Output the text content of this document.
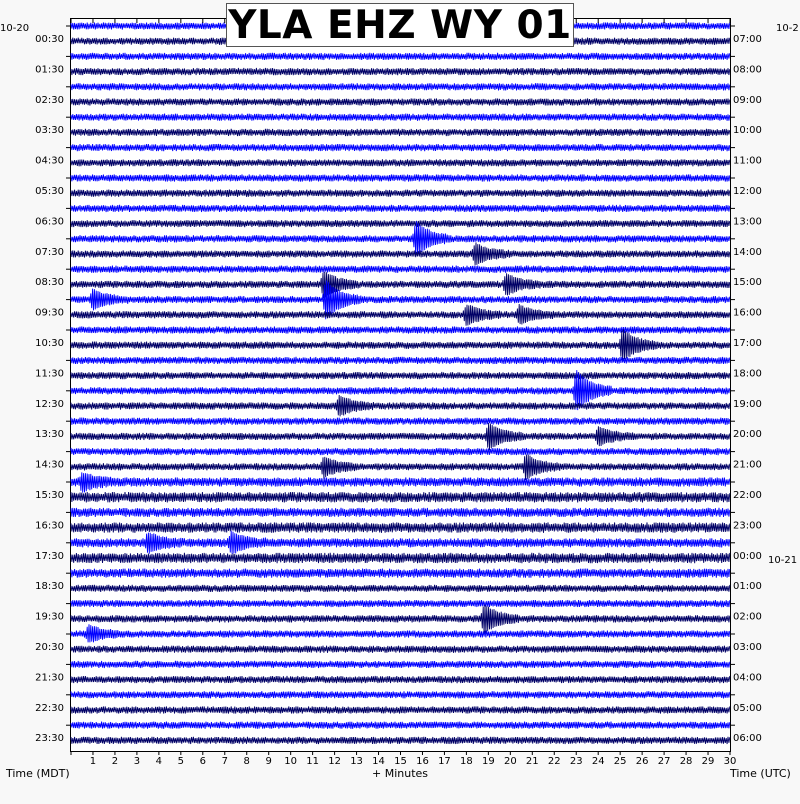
1 2 3 4 5 6 7 8 9 10 11 12 13 14 15 16 17 18 19 20 21 22 23 24 25 26 27 28 29 30
00:30
01:30
02:30
03:30
04:30
05:30
06:30
07:30
08:30
09:30
10:30
11:30
12:30
13:30
14:30
15:30
16:30
17:30
18:30
19:30
20:30
21:30
22:30
23:30
07:00
08:00
09:00
10:00
11:00
12:00
13:00
14:00
15:00
16:00
17:00
18:00
19:00
20:00
21:00
22:00
23:00
00:00
01:00
02:00
03:00
04:00
05:00
06:00
10-20	10-2
10-21
Time (MDT)	+ Minutes	Time (UTC)
YLA EHZ WY 01
